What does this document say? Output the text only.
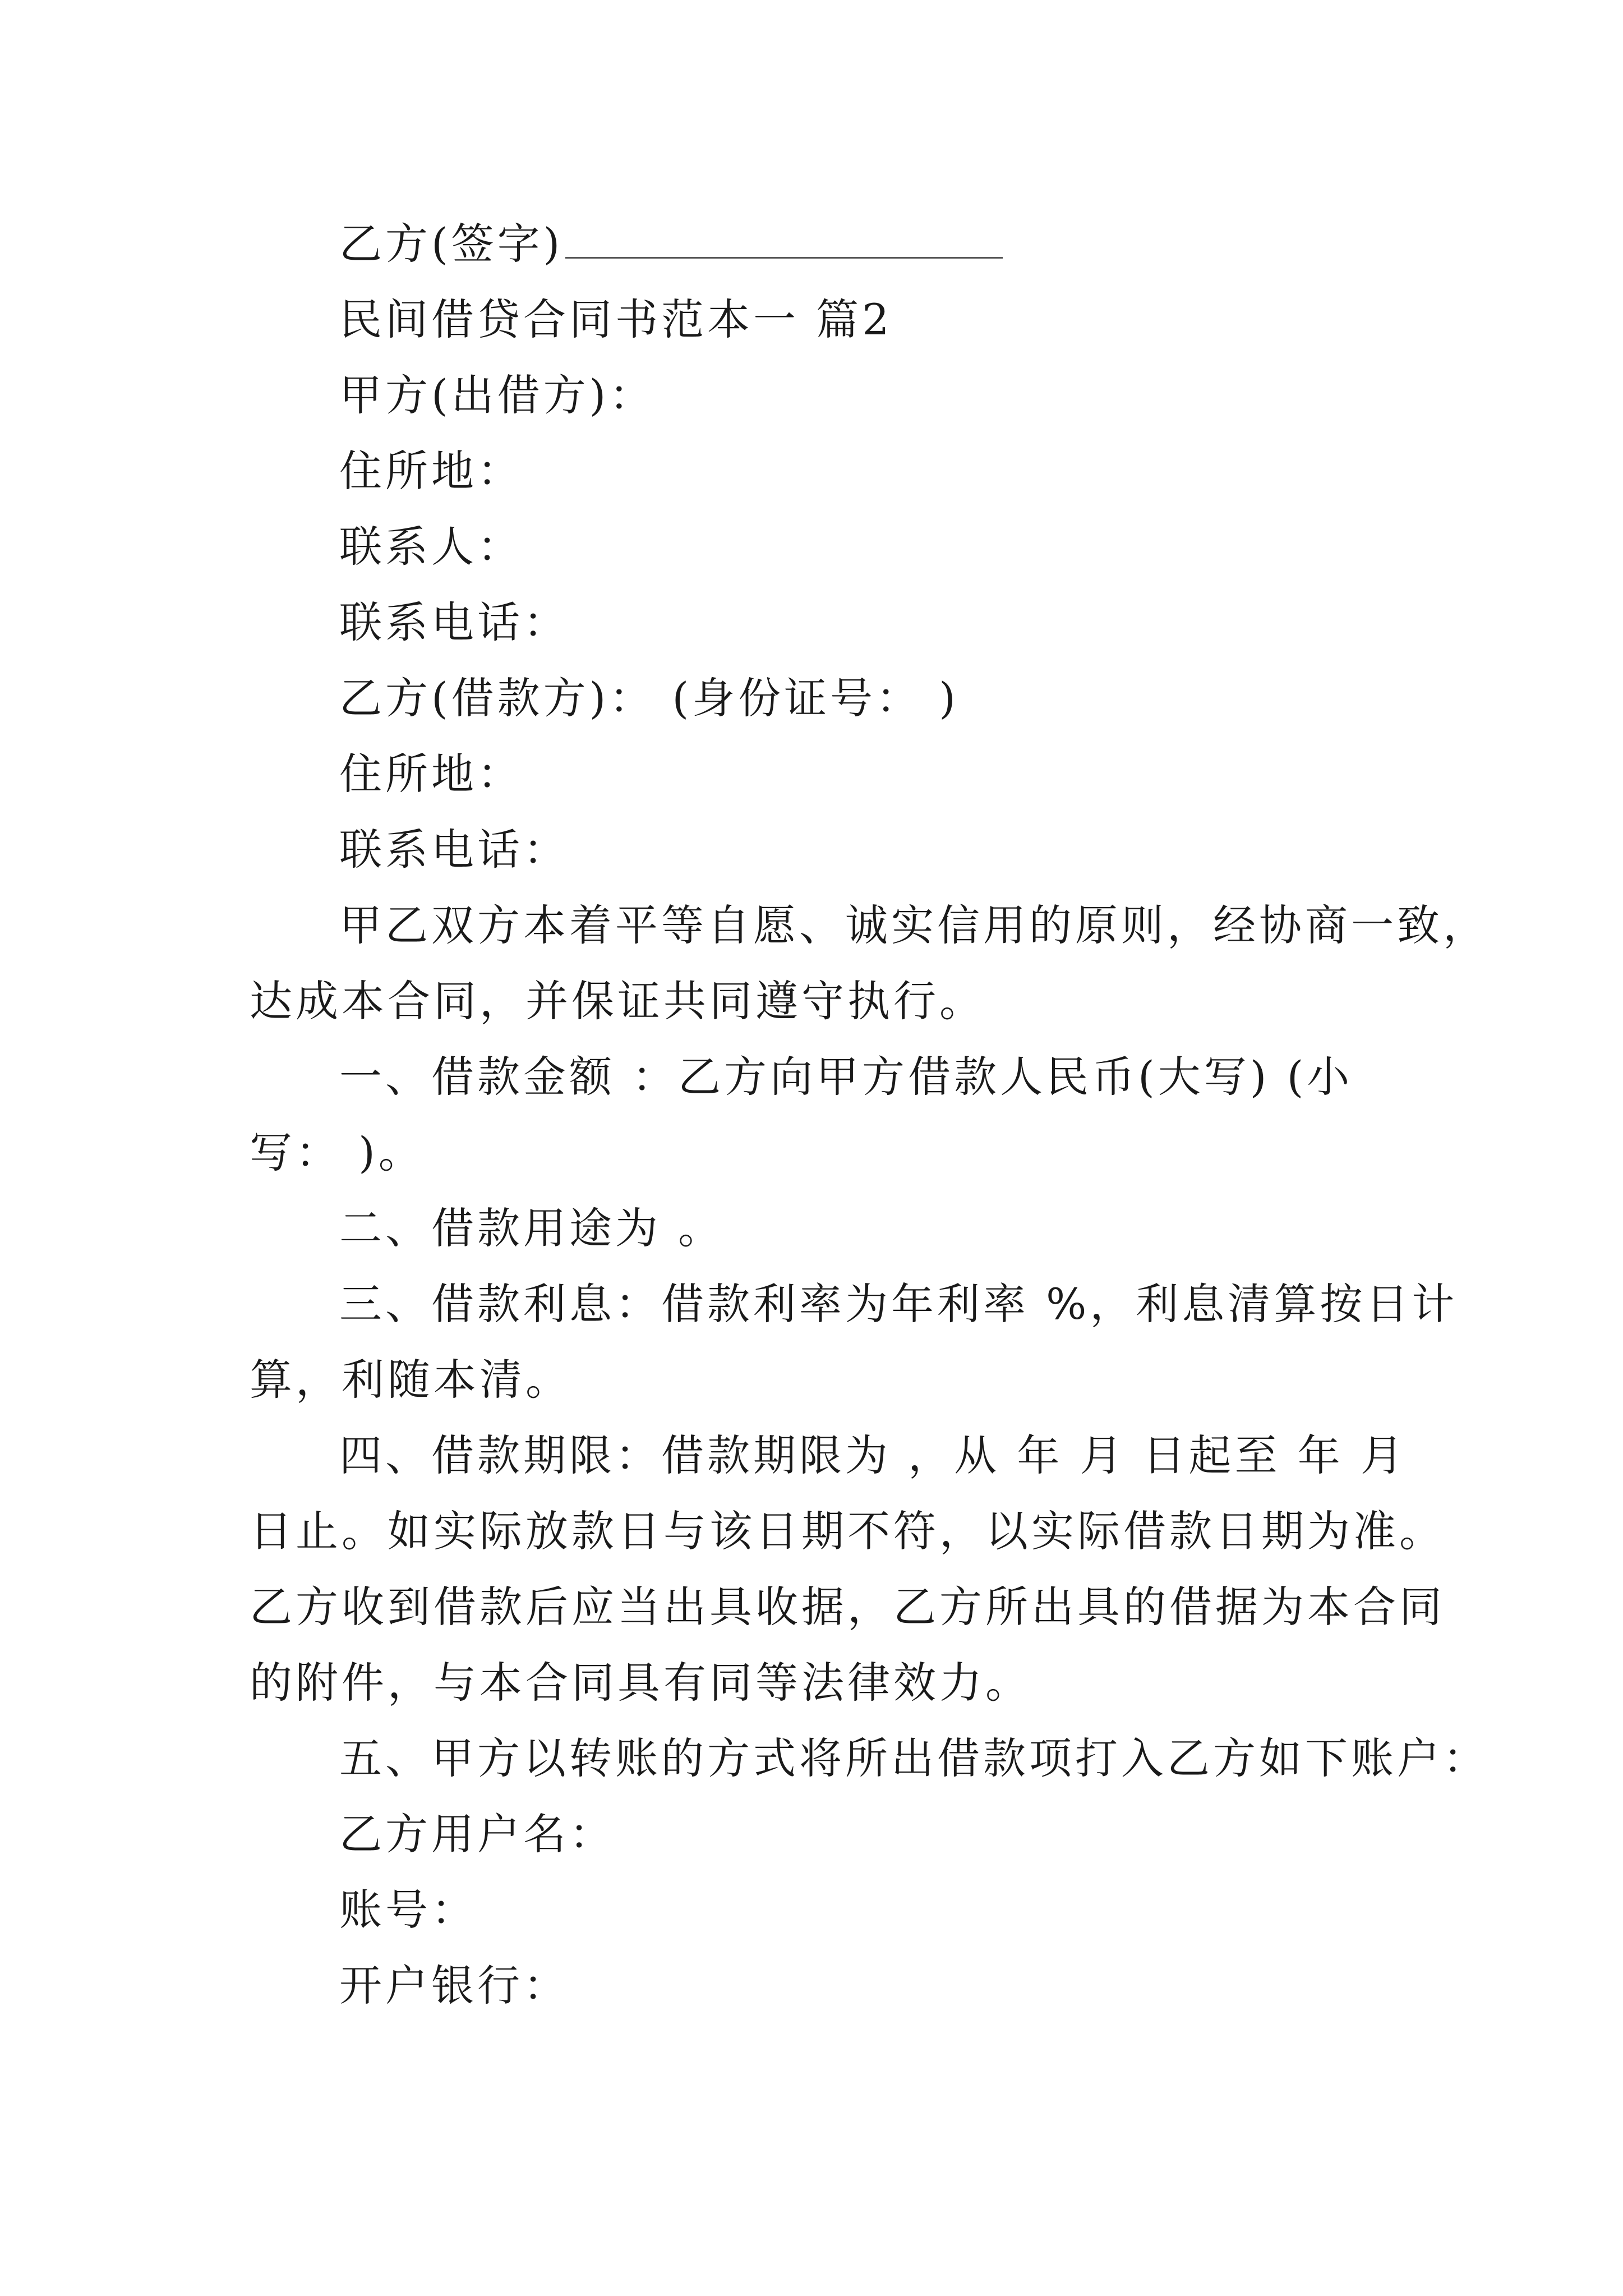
乙方(签字)
民间借贷合同书范本一 篇2
甲方(出借方)：
住所地：
联系人：
联系电话：
乙方(借款方)： (身份证号： )
住所地：
联系电话：
甲乙双方本着平等自愿、诚实信用的原则，经协商一致，
达成本合同，并保证共同遵守执行。
一、借款金额 ：乙方向甲方借款人民币(大写) (小
写： )。
二、借款用途为 。
三、借款利息：借款利率为年利率 %，利息清算按日计
算，利随本清。
四、借款期限：借款期限为 ，从 年 月 日起至 年 月
日止。如实际放款日与该日期不符，以实际借款日期为准。
乙方收到借款后应当出具收据，乙方所出具的借据为本合同
的附件，与本合同具有同等法律效力。
五、甲方以转账的方式将所出借款项打入乙方如下账户：
乙方用户名：
账号：
开户银行：
